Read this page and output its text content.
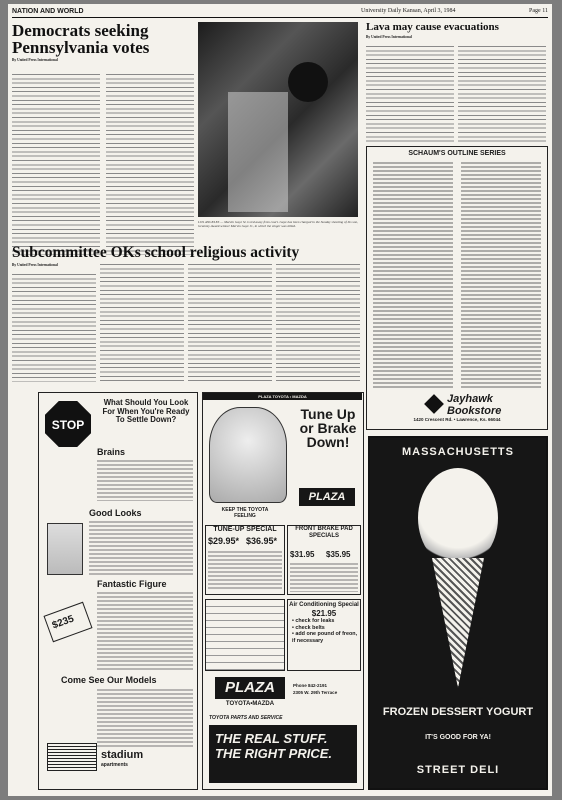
NATION AND WORLD	University Daily Kansan, April 3, 1984	Page 11
Democrats seeking Pennsylvania votes
By United Press International
LOS ANGELES — Marvin Gaye Sr. is led away from court. Gaye has been charged in the Sunday shooting of his son, Grammy Award-winner Marvin Gaye Jr., in which the singer was killed.
Lava may cause evacuations
By United Press International
SCHAUM'S OUTLINE SERIES
Jayhawk Bookstore
1420 Crescent Rd. • Lawrence, Ks. 66044
Subcommittee OKs school religious activity
By United Press International
STOP
What Should You Look For When You're Ready To Settle Down?
Brains
Good Looks
Fantastic Figure
$235
Come See Our Models
stadium
apartments
PLAZA TOYOTA • MAZDA
Tune Up or Brake Down!
KEEP THE TOYOTA FEELING
PLAZA
TUNE-UP SPECIAL
$29.95* $36.95*
FRONT BRAKE PAD SPECIALS
$31.95 $35.95
Air Conditioning Special
$21.95
• check for leaks
• check belts
• add one pound of freon, if necessary
PLAZA
TOYOTA•MAZDA
Phone 842-2191
2305 W. 29th Terrace
TOYOTA PARTS AND SERVICE
THE REAL STUFF. THE RIGHT PRICE.
MASSACHUSETTS
FROZEN DESSERT YOGURT
IT'S GOOD FOR YA!
STREET DELI
